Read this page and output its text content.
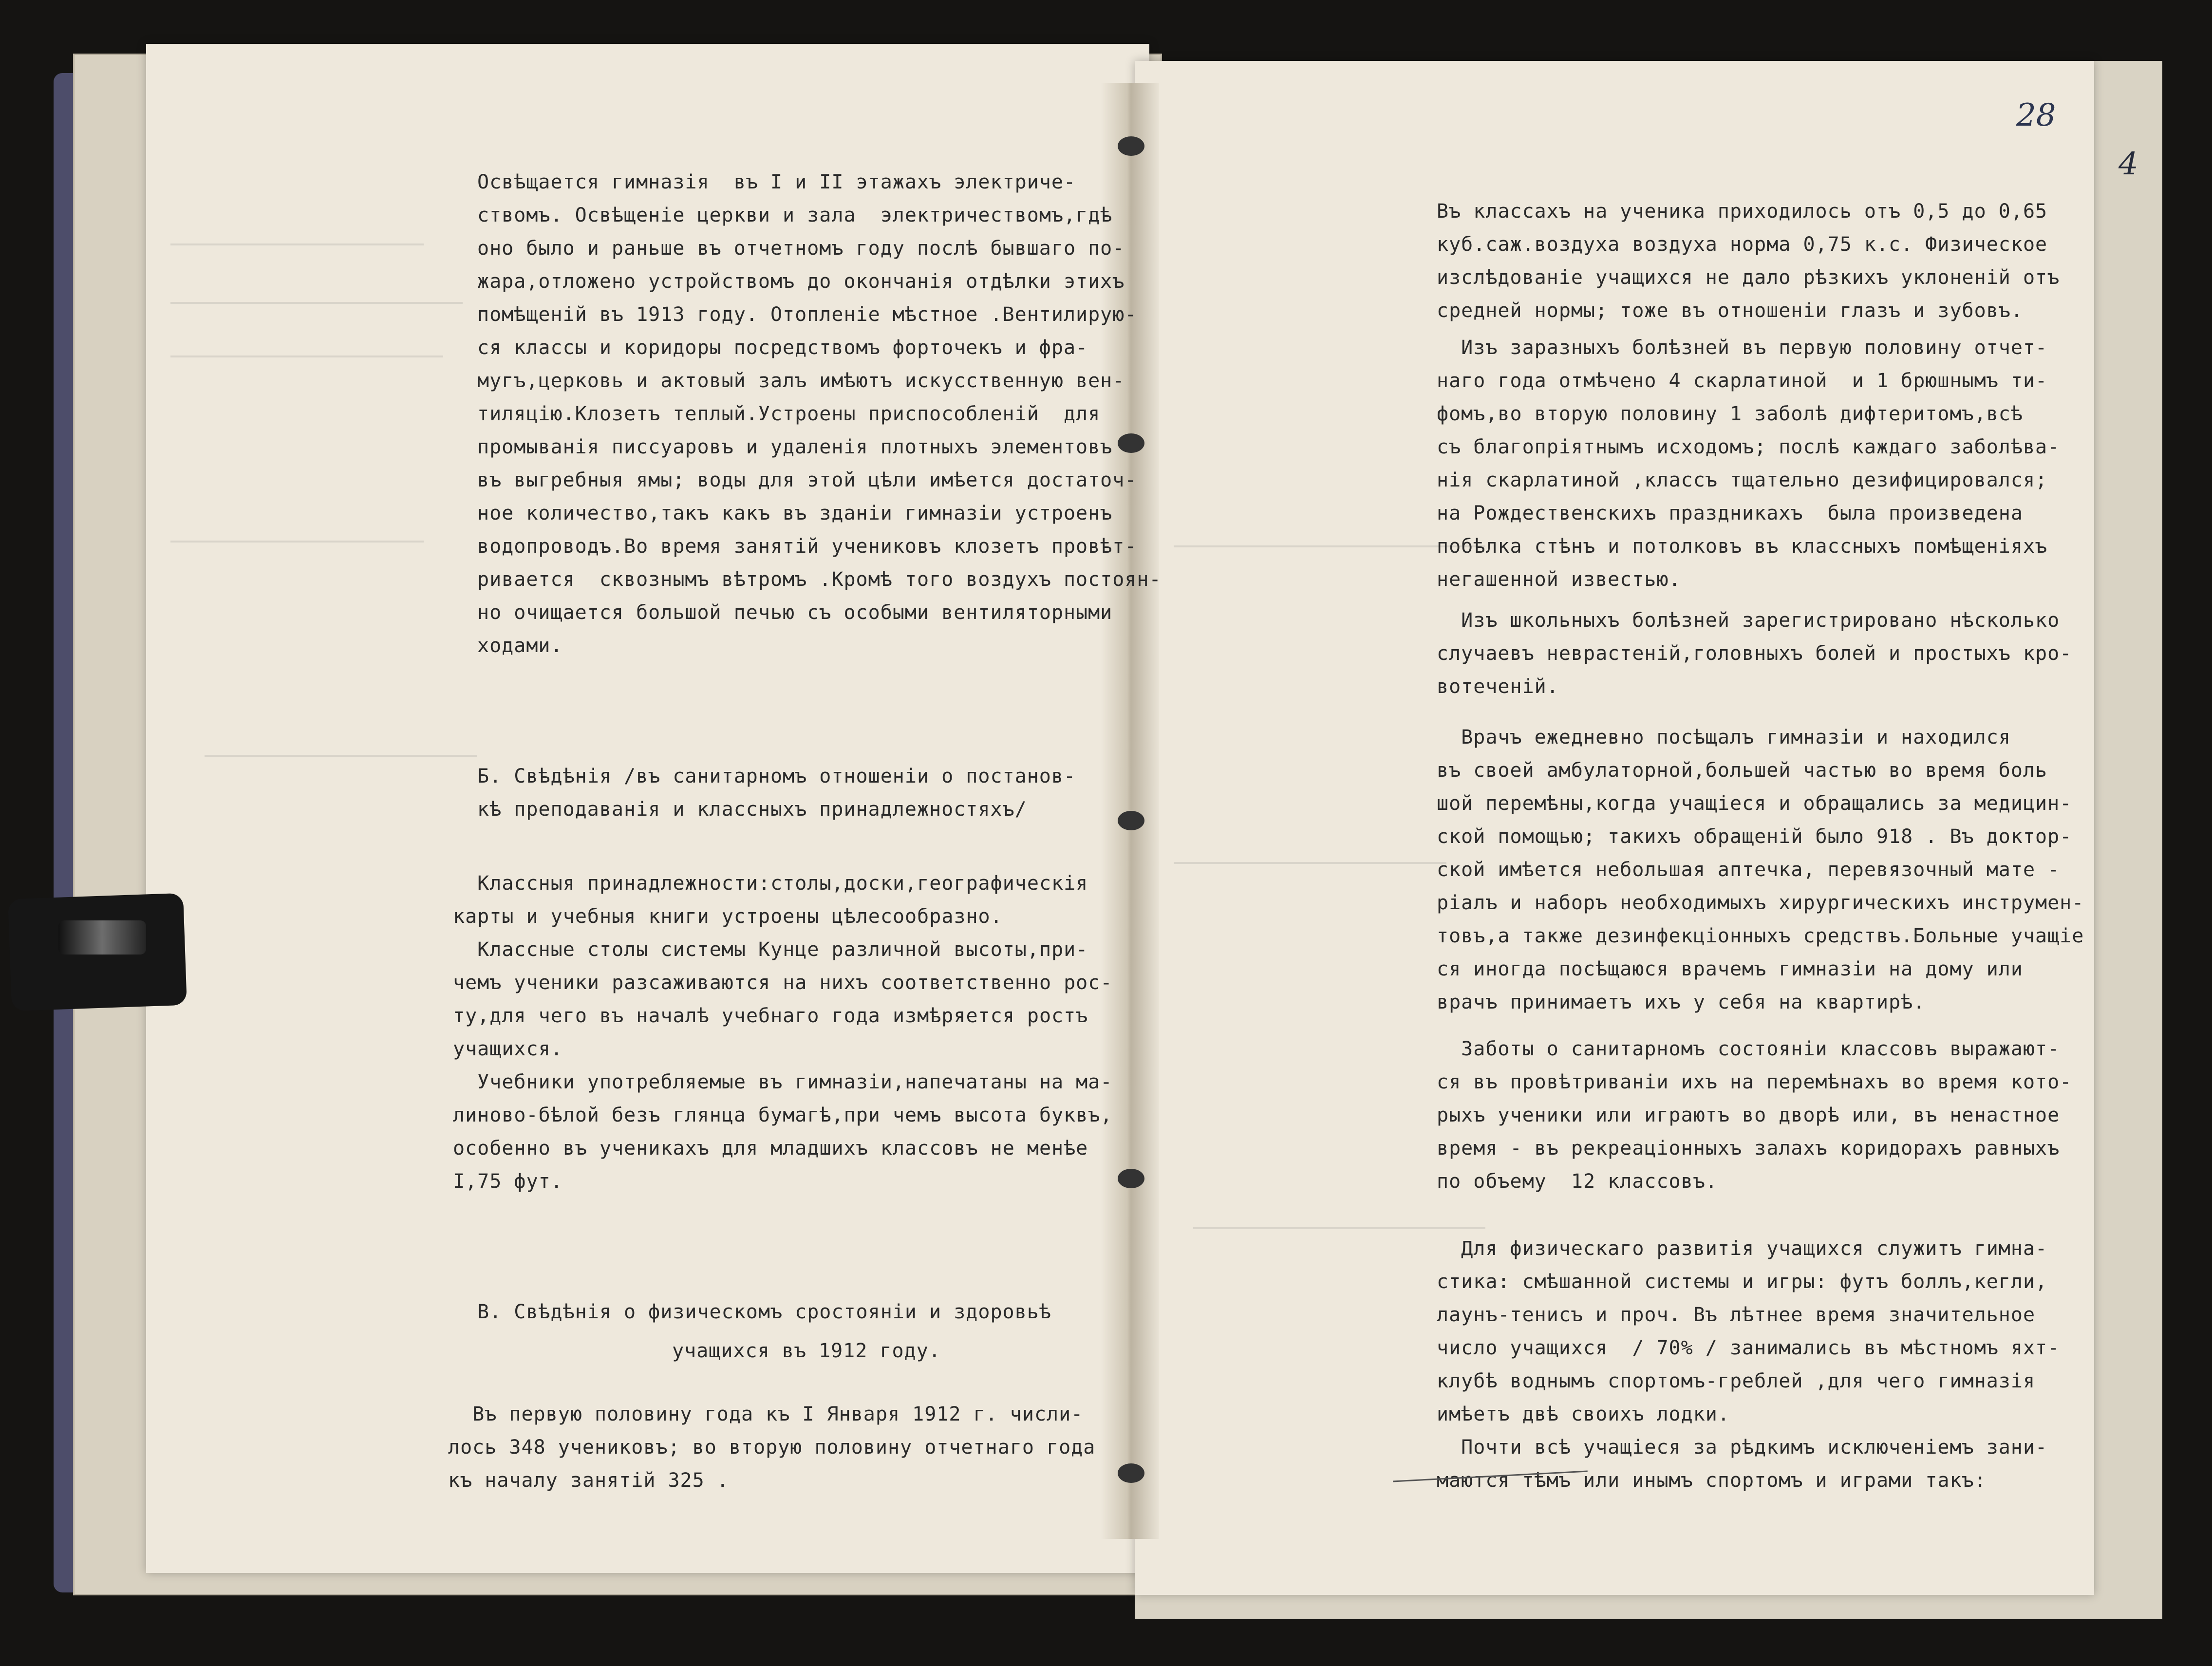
Освѣщается гимназія  въ I и II этажахъ электриче-
ствомъ. Освѣщеніе церкви и зала  электричествомъ,гдѣ
оно было и раньше въ отчетномъ году послѣ бывшаго по-
жара,отложено устройствомъ до окончанія отдѣлки этихъ
помѣщеній въ 1913 году. Отопленіе мѣстное .Вентилирую-
ся классы и коридоры посредствомъ форточекъ и фра-
мугъ,церковь и актовый залъ имѣютъ искусственную вен-
тиляцію.Клозетъ теплый.Устроены приспособленій  для
промыванія писсуаровъ и удаленія плотныхъ элементовъ
въ выгребныя ямы; воды для этой цѣли имѣется достаточ-
ное количество,такъ какъ въ зданіи гимназіи устроенъ
водопроводъ.Во время занятій учениковъ клозетъ провѣт-
ривается  сквознымъ вѣтромъ .Кромѣ того воздухъ постоян-
но очищается большой печью съ особыми вентиляторными
ходами.
Б. Свѣдѣнія /въ санитарномъ отношеніи о постанов-
кѣ преподаванія и классныхъ принадлежностяхъ/
Классныя принадлежности:столы,доски,географическія
карты и учебныя книги устроены цѣлесообразно.
Классные столы системы Кунце различной высоты,при-
чемъ ученики разсаживаются на нихъ соответственно рос-
ту,для чего въ началѣ учебнаго года измѣряется ростъ
учащихся.
Учебники употребляемые въ гимназіи,напечатаны на ма-
линово-бѣлой безъ глянца бумагѣ,при чемъ высота буквъ,
особенно въ ученикахъ для младшихъ классовъ не менѣе
I,75 фут.
В. Свѣдѣнія о физическомъ сростояніи и здоровьѣ
учащихся въ 1912 году.
Въ первую половину года къ I Января 1912 г. числи-
лось 348 учениковъ; во вторую половину отчетнаго года
къ началу занятій 325 .
28
Въ классахъ на ученика приходилось отъ 0,5 до 0,65
куб.саж.воздуха воздуха норма 0,75 к.с. Физическое
изслѣдованіе учащихся не дало рѣзкихъ уклоненій отъ
средней нормы; тоже въ отношеніи глазъ и зубовъ.
Изъ заразныхъ болѣзней въ первую половину отчет-
наго года отмѣчено 4 скарлатиной  и 1 брюшнымъ ти-
фомъ,во вторую половину 1 заболѣ дифтеритомъ,всѣ
съ благопріятнымъ исходомъ; послѣ каждаго заболѣва-
нія скарлатиной ,классъ тщательно дезифицировался;
на Рождественскихъ праздникахъ  была произведена
побѣлка стѣнъ и потолковъ въ классныхъ помѣщеніяхъ
негашенной известью.
Изъ школьныхъ болѣзней зарегистрировано нѣсколько
случаевъ неврастеній,головныхъ болей и простыхъ кро-
вотеченій.
Врачъ ежедневно посѣщалъ гимназіи и находился
въ своей амбулаторной,большей частью во время боль
шой перемѣны,когда учащіеся и обращались за медицин-
ской помощью; такихъ обращеній было 918 . Въ доктор-
ской имѣется небольшая аптечка, перевязочный мате -
ріалъ и наборъ необходимыхъ хирургическихъ инструмен-
товъ,а также дезинфекціонныхъ средствъ.Больные учащіе
ся иногда посѣщаюся врачемъ гимназіи на дому или
врачъ принимаетъ ихъ у себя на квартирѣ.
Заботы о санитарномъ состояніи классовъ выражают-
ся въ провѣтриваніи ихъ на перемѣнахъ во время кото-
рыхъ ученики или играютъ во дворѣ или, въ ненастное
время - въ рекреаціонныхъ залахъ коридорахъ равныхъ
по объему  12 классовъ.
Для физическаго развитія учащихся служитъ гимна-
стика: смѣшанной системы и игры: футъ боллъ,кегли,
лаунъ-тенисъ и проч. Въ лѣтнее время значительное
число учащихся  / 70% / занимались въ мѣстномъ яхт-
клубѣ воднымъ спортомъ-греблей ,для чего гимназія
имѣетъ двѣ своихъ лодки.
Почти всѣ учащіеся за рѣдкимъ исключеніемъ зани-
маются тѣмъ или инымъ спортомъ и играми такъ:
4
